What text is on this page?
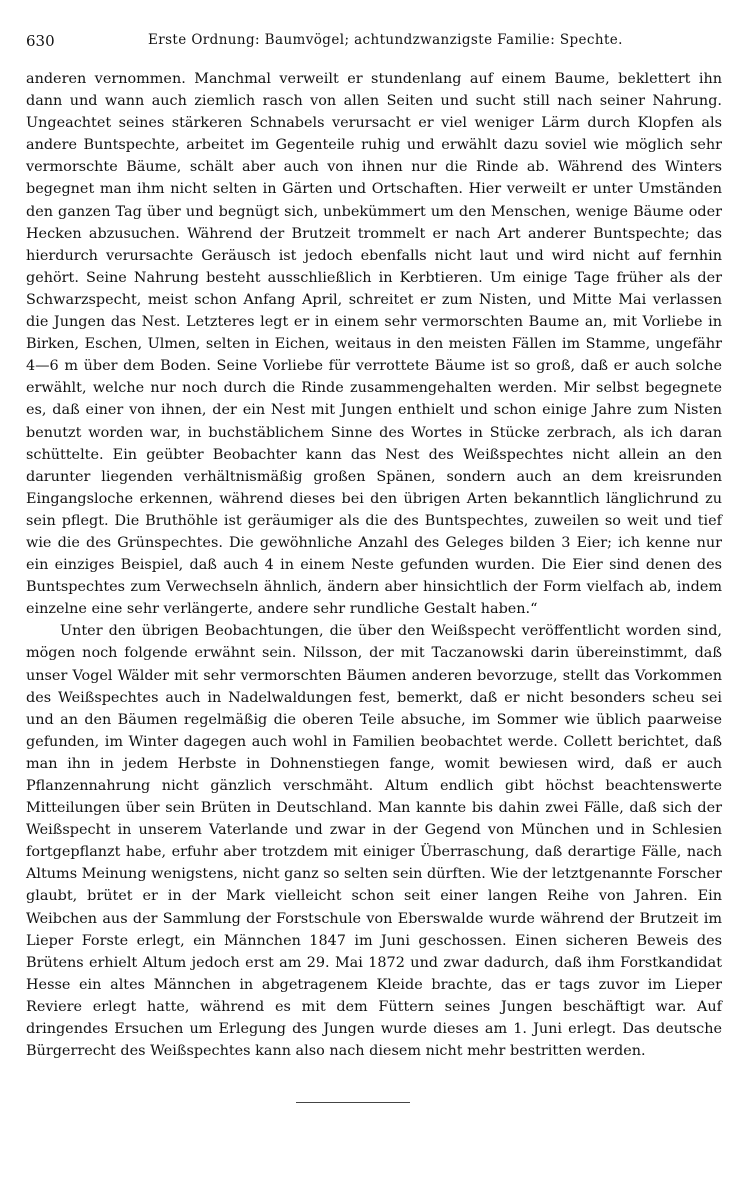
630	Erste Ordnung: Baumvögel; achtundzwanzigste Familie: Spechte.

anderen vernommen. Manchmal verweilt er stundenlang auf einem Baume, beklettert ihn dann und wann auch ziemlich rasch von allen Seiten und sucht still nach seiner Nahrung. Ungeachtet seines stärkeren Schnabels verursacht er viel weniger Lärm durch Klopfen als andere Buntspechte, arbeitet im Gegenteile ruhig und erwählt dazu soviel wie möglich sehr vermorschte Bäume, schält aber auch von ihnen nur die Rinde ab. Während des Winters begegnet man ihm nicht selten in Gärten und Ortschaften. Hier verweilt er unter Umständen den ganzen Tag über und begnügt sich, unbekümmert um den Menschen, wenige Bäume oder Hecken abzusuchen. Während der Brutzeit trommelt er nach Art anderer Buntspechte; das hierdurch verursachte Geräusch ist jedoch ebenfalls nicht laut und wird nicht auf fernhin gehört. Seine Nahrung besteht ausschließlich in Kerbtieren. Um einige Tage früher als der Schwarzspecht, meist schon Anfang April, schreitet er zum Nisten, und Mitte Mai verlassen die Jungen das Nest. Letzteres legt er in einem sehr vermorschten Baume an, mit Vorliebe in Birken, Eschen, Ulmen, selten in Eichen, weitaus in den meisten Fällen im Stamme, ungefähr 4—6 m über dem Boden. Seine Vorliebe für verrottete Bäume ist so groß, daß er auch solche erwählt, welche nur noch durch die Rinde zusammengehalten werden. Mir selbst begegnete es, daß einer von ihnen, der ein Nest mit Jungen enthielt und schon einige Jahre zum Nisten benutzt worden war, in buchstäblichem Sinne des Wortes in Stücke zerbrach, als ich daran schüttelte. Ein geübter Beobachter kann das Nest des Weißspechtes nicht allein an den darunter liegenden verhältnismäßig großen Spänen, sondern auch an dem kreisrunden Eingangsloche erkennen, während dieses bei den übrigen Arten bekanntlich länglichrund zu sein pflegt. Die Bruthöhle ist geräumiger als die des Buntspechtes, zuweilen so weit und tief wie die des Grünspechtes. Die gewöhnliche Anzahl des Geleges bilden 3 Eier; ich kenne nur ein einziges Beispiel, daß auch 4 in einem Neste gefunden wurden. Die Eier sind denen des Buntspechtes zum Verwechseln ähnlich, ändern aber hinsichtlich der Form vielfach ab, indem einzelne eine sehr verlängerte, andere sehr rundliche Gestalt haben.“

Unter den übrigen Beobachtungen, die über den Weißspecht veröffentlicht worden sind, mögen noch folgende erwähnt sein. Nilsson, der mit Taczanowski darin übereinstimmt, daß unser Vogel Wälder mit sehr vermorschten Bäumen anderen bevorzuge, stellt das Vorkommen des Weißspechtes auch in Nadelwaldungen fest, bemerkt, daß er nicht besonders scheu sei und an den Bäumen regelmäßig die oberen Teile absuche, im Sommer wie üblich paarweise gefunden, im Winter dagegen auch wohl in Familien beobachtet werde. Collett berichtet, daß man ihn in jedem Herbste in Dohnenstiegen fange, womit bewiesen wird, daß er auch Pflanzennahrung nicht gänzlich verschmäht. Altum endlich gibt höchst beachtenswerte Mitteilungen über sein Brüten in Deutschland. Man kannte bis dahin zwei Fälle, daß sich der Weißspecht in unserem Vaterlande und zwar in der Gegend von München und in Schlesien fortgepflanzt habe, erfuhr aber trotzdem mit einiger Überraschung, daß derartige Fälle, nach Altums Meinung wenigstens, nicht ganz so selten sein dürften. Wie der letztgenannte Forscher glaubt, brütet er in der Mark vielleicht schon seit einer langen Reihe von Jahren. Ein Weibchen aus der Sammlung der Forstschule von Eberswalde wurde während der Brutzeit im Lieper Forste erlegt, ein Männchen 1847 im Juni geschossen. Einen sicheren Beweis des Brütens erhielt Altum jedoch erst am 29. Mai 1872 und zwar dadurch, daß ihm Forstkandidat Hesse ein altes Männchen in abgetragenem Kleide brachte, das er tags zuvor im Lieper Reviere erlegt hatte, während es mit dem Füttern seines Jungen beschäftigt war. Auf dringendes Ersuchen um Erlegung des Jungen wurde dieses am 1. Juni erlegt. Das deutsche Bürgerrecht des Weißspechtes kann also nach diesem nicht mehr bestritten werden.
